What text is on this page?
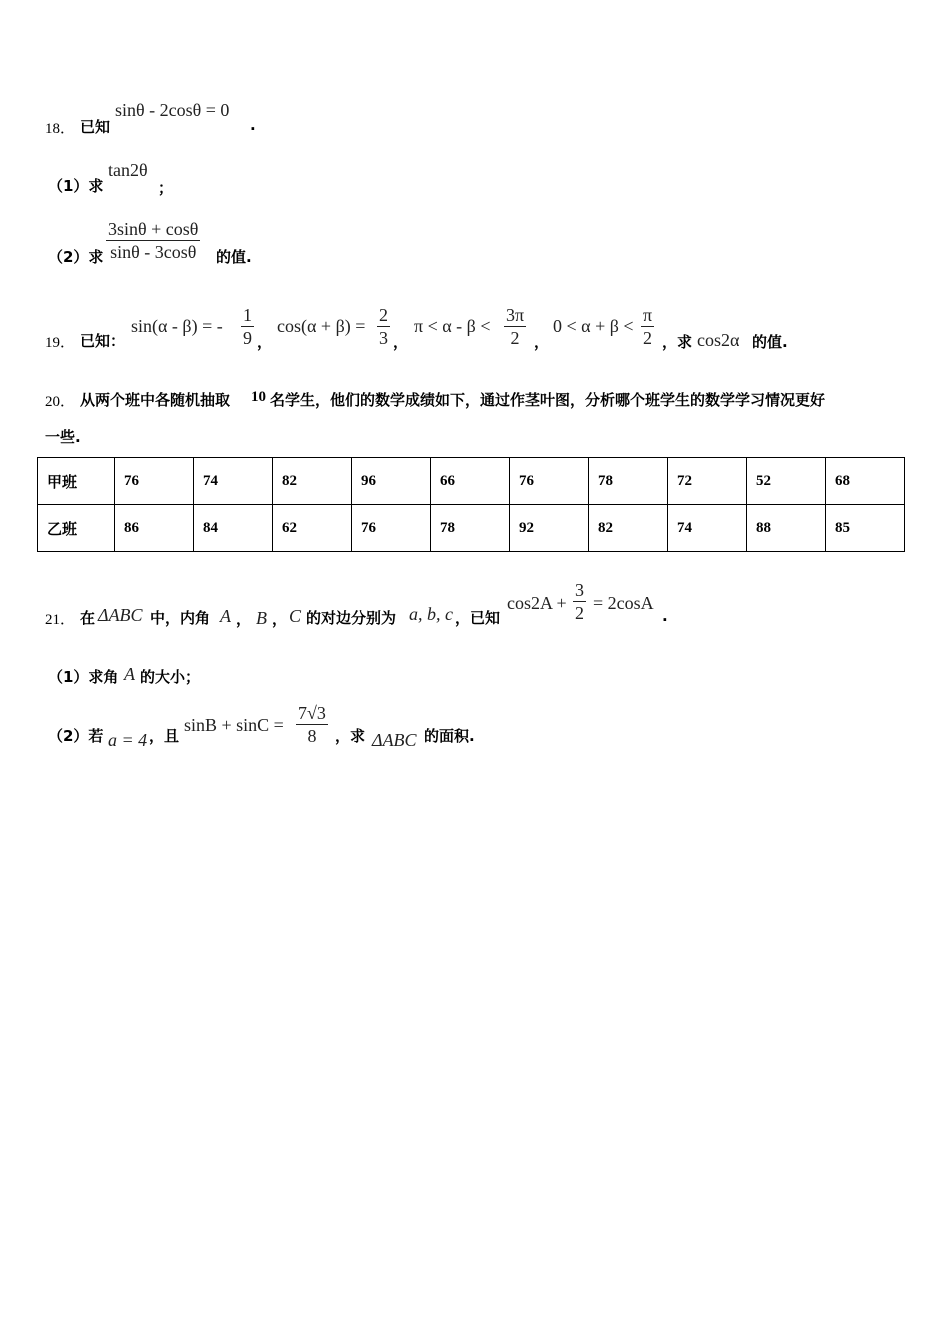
18． 已知
sinθ - 2cosθ = 0
.
（1）求
tan2θ
；
（2）求 $\frac{3\sin\theta + \cos\theta}{\sin\theta - 3\cos\theta}$ 的值.
19． 已知：
sin(α - β) = - $\frac{1}{9}$ ，
$\cos(\alpha + \beta) = \frac{2}{3}$ ，
$\pi < \alpha - \beta < \frac{3\pi}{2}$ ，
$0 < \alpha + \beta < \frac{\pi}{2}$ ，求 cos2α 的值.
20． 从两个班中各随机抽取 10 名学生，他们的数学成绩如下，通过作茎叶图，分析哪个班学生的数学学习情况更好
一些.
甲班	76	74	82	96	66	76	78	72	52	68
乙班	86	84	62	76	78	92	82	74	88	85
21． 在 ΔABC 中，内角 A ， B ， C 的对边分别为 a, b, c ，已知
$\cos 2A + \frac{3}{2} = 2\cos A$
.
（1）求角 A 的大小；
（2）若 a = 4 ，且
$\sin B + \sin C = \frac{7√3}{8}$ ，求 ΔABC 的面积.
